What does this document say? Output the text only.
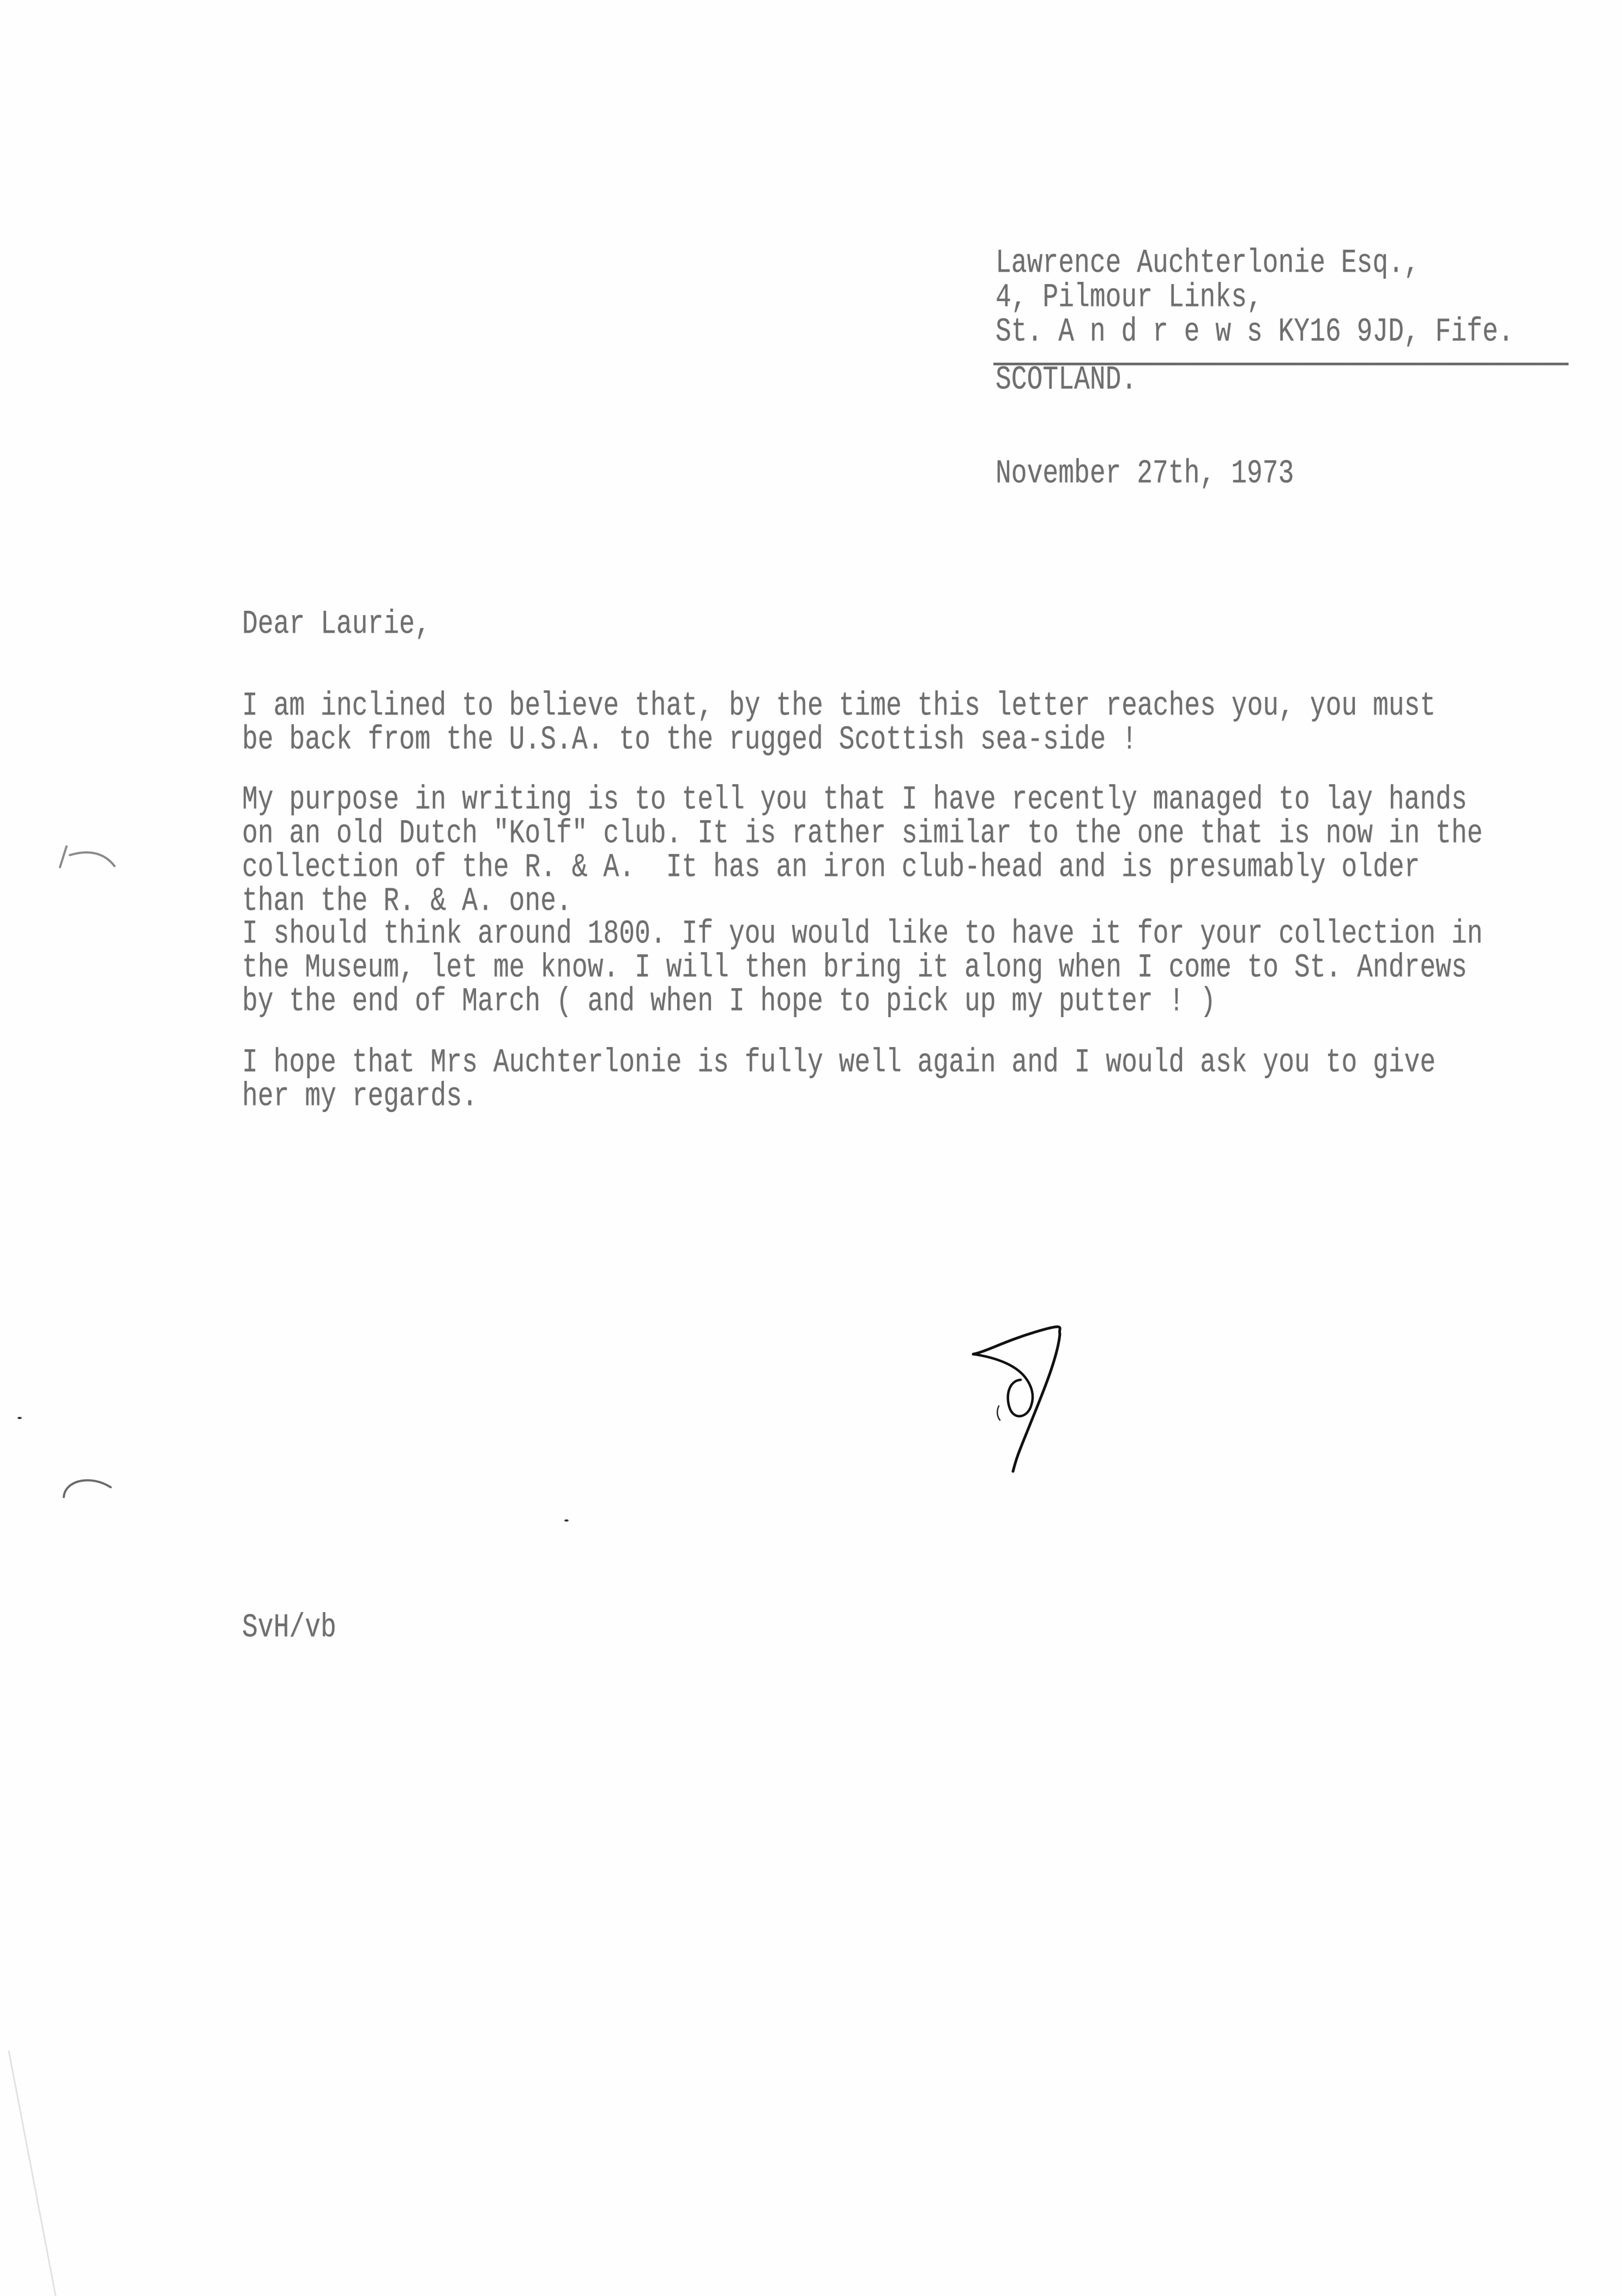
Lawrence Auchterlonie Esq.,
4, Pilmour Links,
St. A n d r e w s KY16 9JD, Fife.
SCOTLAND.
November 27th, 1973
Dear Laurie,
I am inclined to believe that, by the time this letter reaches you, you must
be back from the U.S.A. to the rugged Scottish sea-side !
My purpose in writing is to tell you that I have recently managed to lay hands
on an old Dutch "Kolf" club. It is rather similar to the one that is now in the
collection of the R. & A.  It has an iron club-head and is presumably older
than the R. & A. one.
I should think around 1800. If you would like to have it for your collection in
the Museum, let me know. I will then bring it along when I come to St. Andrews
by the end of March ( and when I hope to pick up my putter ! )
I hope that Mrs Auchterlonie is fully well again and I would ask you to give
her my regards.
SvH/vb
